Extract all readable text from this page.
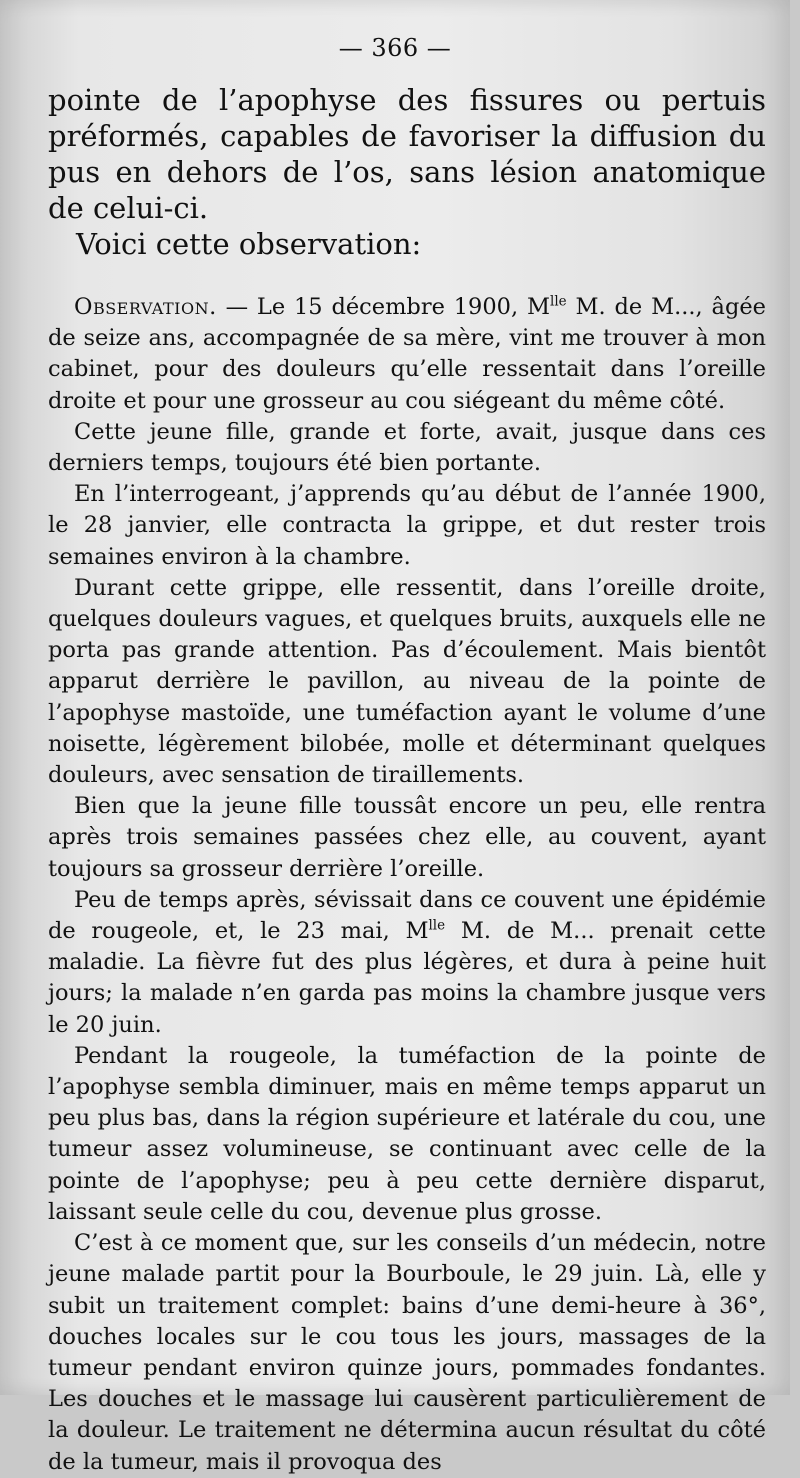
— 366 —

pointe de l’apophyse des fissures ou pertuis préformés, capables de favoriser la diffusion du pus en dehors de l’os, sans lésion anatomique de celui-ci.

Voici cette observation:

Observation. — Le 15 décembre 1900, $M^{lle}$ M. de M..., âgée de seize ans, accompagnée de sa mère, vint me trouver à mon cabinet, pour des douleurs qu’elle ressentait dans l’oreille droite et pour une grosseur au cou siégeant du même côté.

Cette jeune fille, grande et forte, avait, jusque dans ces derniers temps, toujours été bien portante.

En l’interrogeant, j’apprends qu’au début de l’année 1900, le 28 janvier, elle contracta la grippe, et dut rester trois semaines environ à la chambre.

Durant cette grippe, elle ressentit, dans l’oreille droite, quelques douleurs vagues, et quelques bruits, auxquels elle ne porta pas grande attention. Pas d’écoulement. Mais bientôt apparut derrière le pavillon, au niveau de la pointe de l’apophyse mastoïde, une tuméfaction ayant le volume d’une noisette, légèrement bilobée, molle et déterminant quelques douleurs, avec sensation de tiraillements.

Bien que la jeune fille toussât encore un peu, elle rentra après trois semaines passées chez elle, au couvent, ayant toujours sa grosseur derrière l’oreille.

Peu de temps après, sévissait dans ce couvent une épidémie de rougeole, et, le 23 mai, $M^{lle}$ M. de M... prenait cette maladie. La fièvre fut des plus légères, et dura à peine huit jours; la malade n’en garda pas moins la chambre jusque vers le 20 juin.

Pendant la rougeole, la tuméfaction de la pointe de l’apophyse sembla diminuer, mais en même temps apparut un peu plus bas, dans la région supérieure et latérale du cou, une tumeur assez volumineuse, se continuant avec celle de la pointe de l’apophyse; peu à peu cette dernière disparut, laissant seule celle du cou, devenue plus grosse.

C’est à ce moment que, sur les conseils d’un médecin, notre jeune malade partit pour la Bourboule, le 29 juin. Là, elle y subit un traitement complet: bains d’une demi-heure à 36°, douches locales sur le cou tous les jours, massages de la tumeur pendant environ quinze jours, pommades fondantes. Les douches et le massage lui causèrent particulièrement de la douleur. Le traitement ne détermina aucun résultat du côté de la tumeur, mais il provoqua des
